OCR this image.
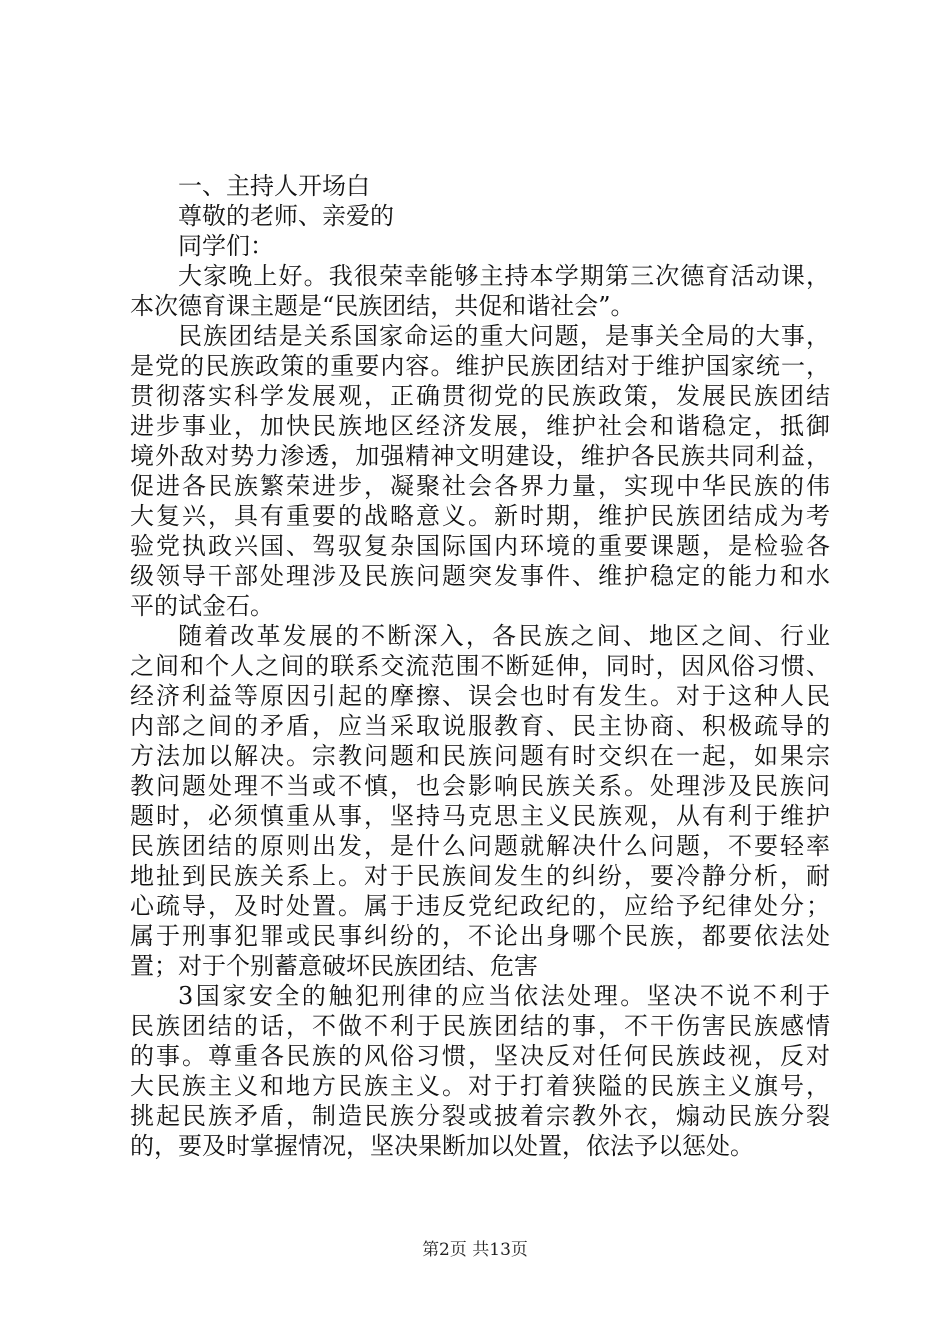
一、主持人开场白
尊敬的老师、亲爱的
同学们：
大家晚上好。我很荣幸能够主持本学期第三次德育活动课，
本次德育课主题是“民族团结，共促和谐社会”。
民族团结是关系国家命运的重大问题，是事关全局的大事，
是党的民族政策的重要内容。维护民族团结对于维护国家统一，
贯彻落实科学发展观，正确贯彻党的民族政策，发展民族团结
进步事业，加快民族地区经济发展，维护社会和谐稳定，抵御
境外敌对势力渗透，加强精神文明建设，维护各民族共同利益，
促进各民族繁荣进步，凝聚社会各界力量，实现中华民族的伟
大复兴，具有重要的战略意义。新时期，维护民族团结成为考
验党执政兴国、驾驭复杂国际国内环境的重要课题，是检验各
级领导干部处理涉及民族问题突发事件、维护稳定的能力和水
平的试金石。
随着改革发展的不断深入，各民族之间、地区之间、行业
之间和个人之间的联系交流范围不断延伸，同时，因风俗习惯、
经济利益等原因引起的摩擦、误会也时有发生。对于这种人民
内部之间的矛盾，应当采取说服教育、民主协商、积极疏导的
方法加以解决。宗教问题和民族问题有时交织在一起，如果宗
教问题处理不当或不慎，也会影响民族关系。处理涉及民族问
题时，必须慎重从事，坚持马克思主义民族观，从有利于维护
民族团结的原则出发，是什么问题就解决什么问题，不要轻率
地扯到民族关系上。对于民族间发生的纠纷，要冷静分析，耐
心疏导，及时处置。属于违反党纪政纪的，应给予纪律处分；
属于刑事犯罪或民事纠纷的，不论出身哪个民族，都要依法处
置；对于个别蓄意破坏民族团结、危害
3国家安全的触犯刑律的应当依法处理。坚决不说不利于
民族团结的话，不做不利于民族团结的事，不干伤害民族感情
的事。尊重各民族的风俗习惯，坚决反对任何民族歧视，反对
大民族主义和地方民族主义。对于打着狭隘的民族主义旗号，
第2页 共13页
挑起民族矛盾，制造民族分裂或披着宗教外衣，煽动民族分裂
的，要及时掌握情况，坚决果断加以处置，依法予以惩处。
